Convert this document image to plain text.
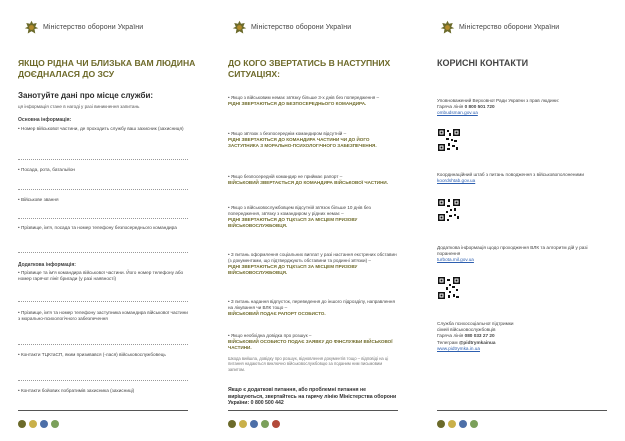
Міністерство оборони України
ЯКЩО РІДНА ЧИ БЛИЗЬКА ВАМ ЛЮДИНА ДОЄДНАЛАСЯ ДО ЗСУ
Занотуйте дані про місце служби:
ця інформація стане в нагоді у разі виникнення запитань
Основна інформація:
• Номер військової частини, де проходить службу ваш захисник (захисниця)
• Посада, рота, батальйон
• Військове звання
• Прізвище, ім'я, посада та номер телефону безпосереднього командира
Додаткова інформація:
• Прізвище та ім'я командира військової частини. Його номер телефону або номер гарячої лінії бригади (у разі наявності)
• Прізвище, ім'я та номер телефону заступника командира військової частини з морально-психологічного забезпечення
• Контакти ТЦКтаСП, яким призивався (-лася) військовослужбовець
• Контакти бойових побратимів захисника (захисниці)
Міністерство оборони України
ДО КОГО ЗВЕРТАТИСЬ В НАСТУПНИХ СИТУАЦІЯХ:
• Якщо з військовим немає зв'язку більше 3-х днів без попередження –
РІДНІ ЗВЕРТАЮТЬСЯ ДО БЕЗПОСЕРЕДНЬОГО КОМАНДИРА.
• Якщо зв'язок з безпосереднім командиром відсутній –
РІДНІ ЗВЕРТАЮТЬСЯ ДО КОМАНДИРА ЧАСТИНИ ЧИ ДО ЙОГО ЗАСТУПНИКА З МОРАЛЬНО-ПСИХОЛОГІЧНОГО ЗАБЕЗПЕЧЕННЯ.
• Якщо безпосередній командир не приймає рапорт –
ВІЙСЬКОВИЙ ЗВЕРТАЄТЬСЯ ДО КОМАНДИРА ВІЙСЬКОВОЇ ЧАСТИНИ.
• Якщо з військовослужбовцем відсутній зв'язок більше 10 днів без попередження, зв'язку з командиром у рідних немає –
РІДНІ ЗВЕРТАЮТЬСЯ ДО ТЦКтаСП ЗА МІСЦЕМ ПРИЗОВУ ВІЙСЬКОВОСЛУЖБОВЦЯ.
• З питань оформлення соціальних виплат у разі настання екстрених обставин (з документами, що підтверджують обставини та родинні зв'язки) –
РІДНІ ЗВЕРТАЮТЬСЯ ДО ТЦКтаСП ЗА МІСЦЕМ ПРИЗОВУ ВІЙСЬКОВОСЛУЖБОВЦЯ.
• З питань надання відпусток, переведення до іншого підрозділу, направлення на лікування чи ВЛК тощо –
ВІЙСЬКОВИЙ ПОДАЄ РАПОРТ ОСОБИСТО.
• Якщо необхідна довідка про розшук –
ВІЙСЬКОВИЙ ОСОБИСТО ПОДАЄ ЗАЯВКУ ДО ФІНСЛУЖБИ ВІЙСЬКОВОЇ ЧАСТИНИ.
Шкода вийшла, довідку про розшук, відновлення документів тощо – відповіді на ці питання надаються виключно військовослужбовцю за поданим ним письмовим запитом.
Якщо є додаткові питання, або проблемні питання не вирішуються, звертайтесь на гарячу лінію Міністерства оборони України: 0 800 500 442
Міністерство оборони України
КОРИСНІ КОНТАКТИ
Уповноважений Верховної Ради України з прав людини:
Гаряча лінія 0 800 501 720
ombudsman.gov.ua
Координаційний штаб з питань поводження з військовополоненими
koordshtab.gov.ua
Додаткова інформація щодо проходження ВЛК та алгоритм дій у разі поранення
turbota.mil.gov.ua
Служба психосоціальної підтримки
сімей військовослужбовців
Гаряча лінія 080 033 27 20
Телеграм @pidtrymkainua
www.pidtrymka.in.ua
